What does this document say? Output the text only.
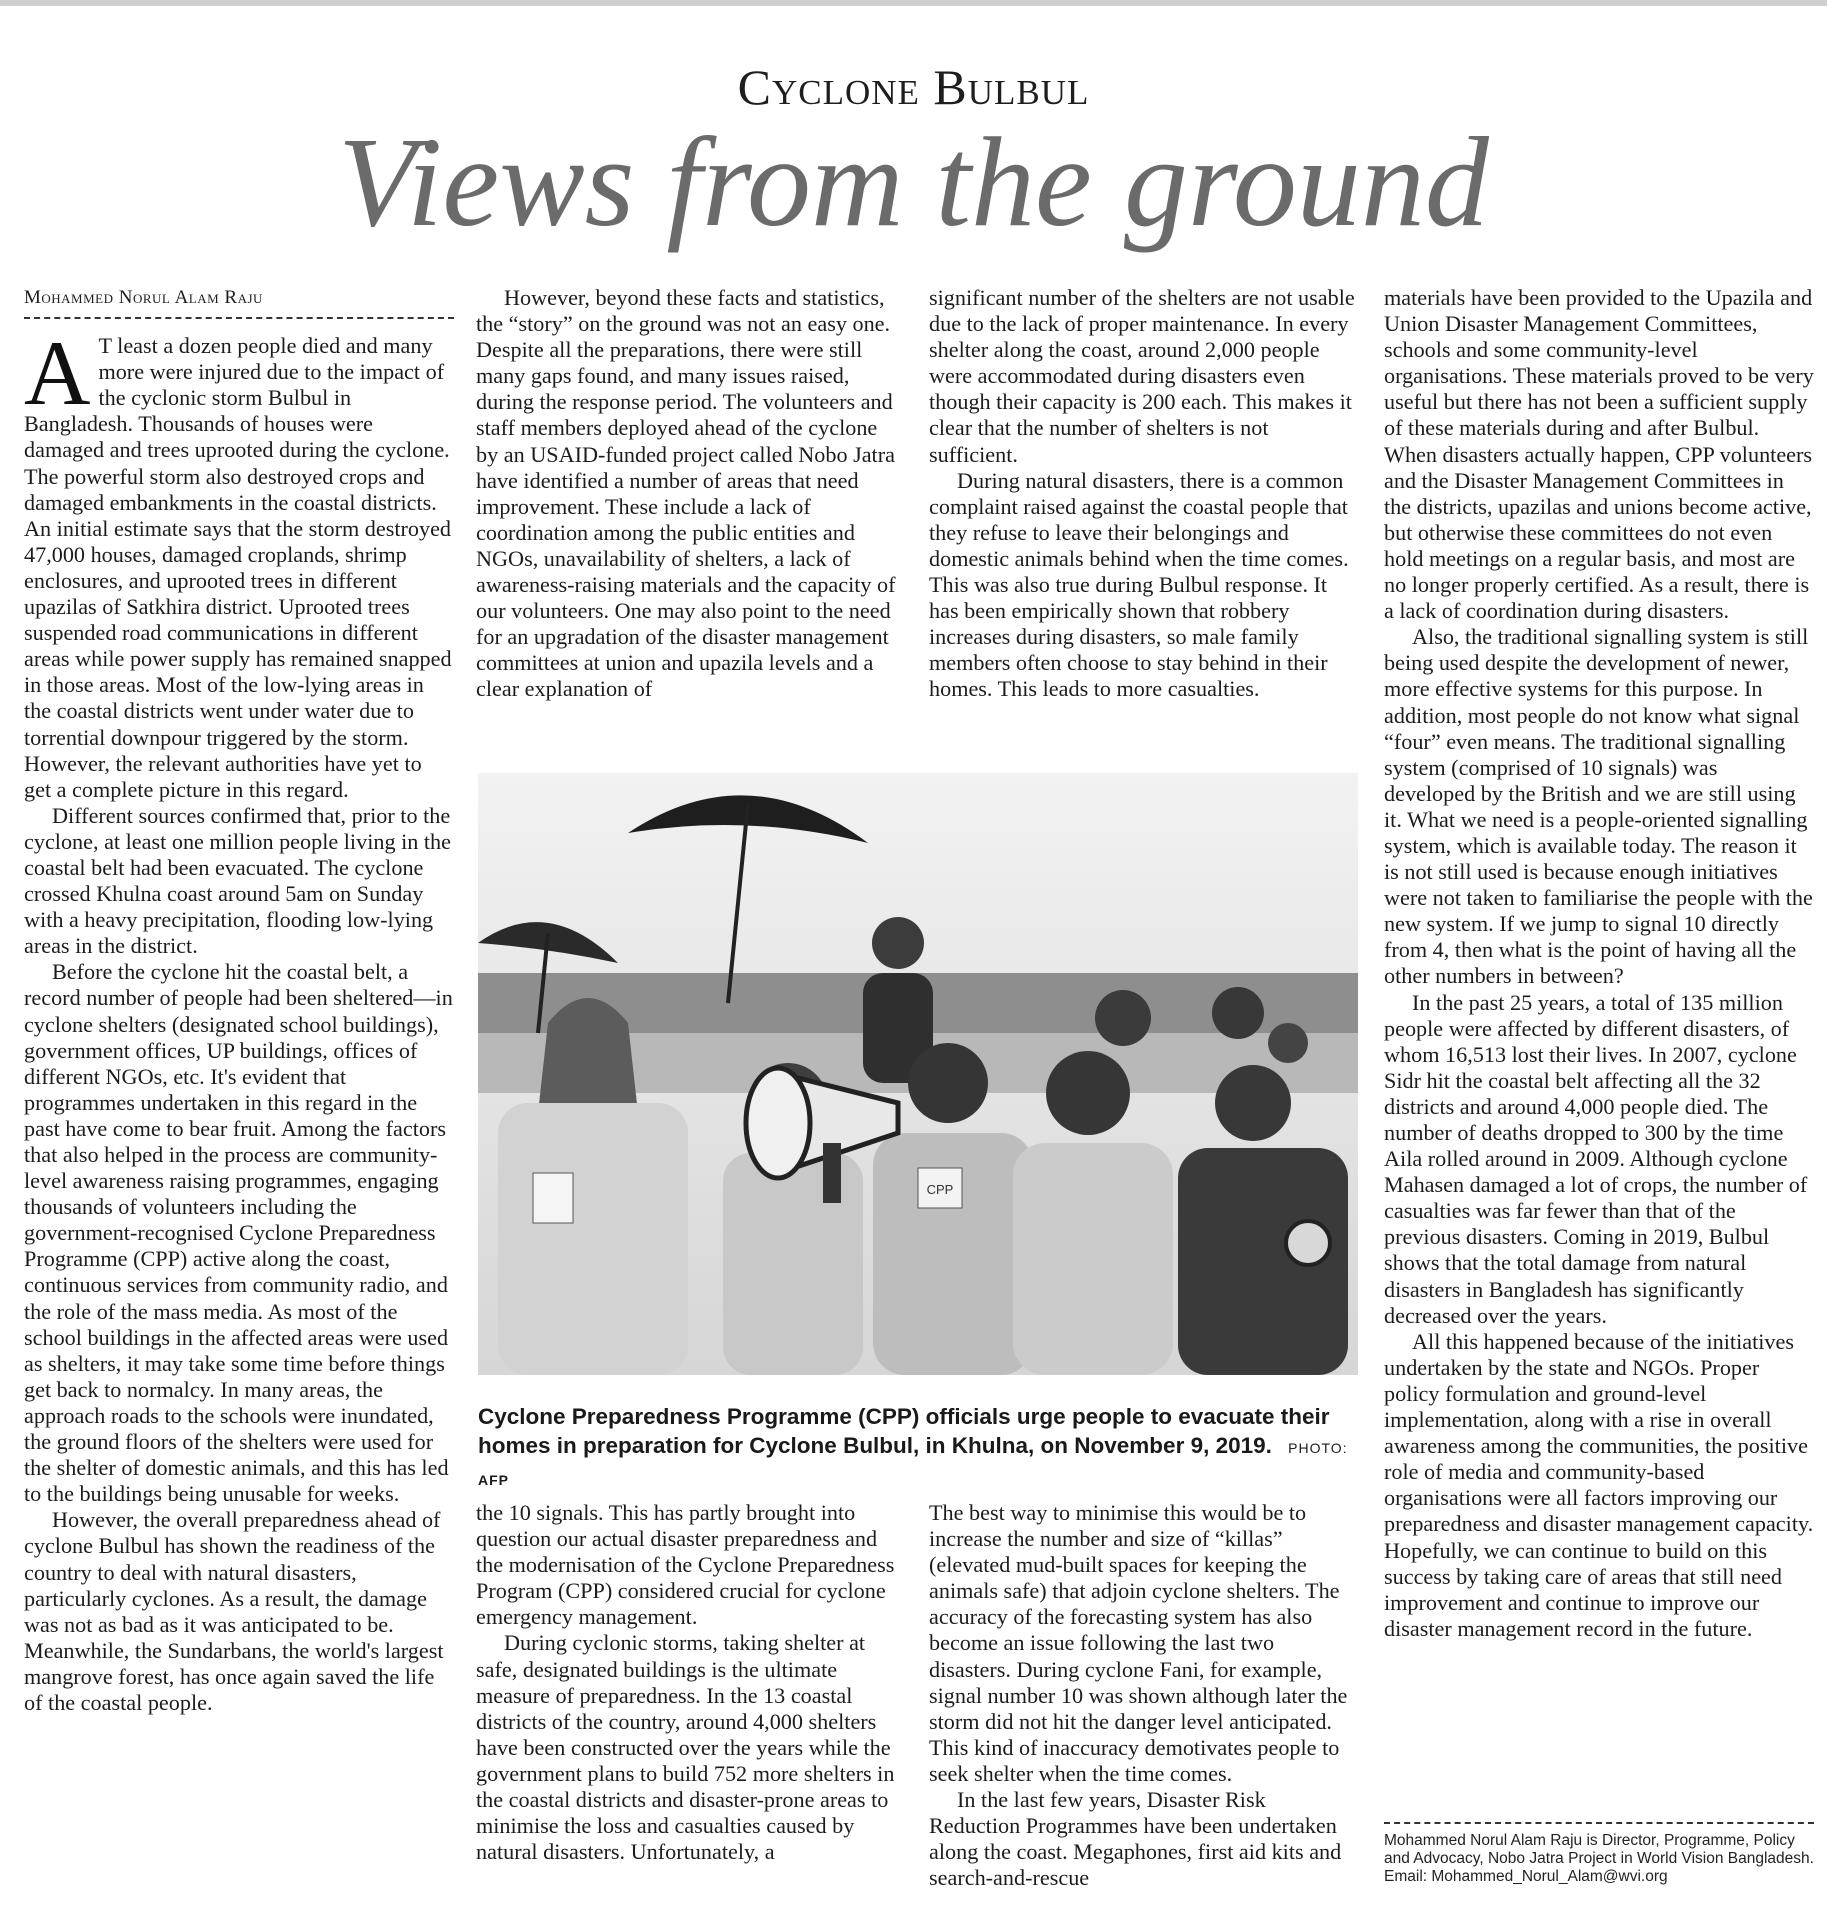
Cyclone Bulbul
Views from the ground
Mohammed Norul Alam Raju

A T least a dozen people died and many more were injured due to the impact of the cyclonic storm Bulbul in Bangladesh. Thousands of houses were damaged and trees uprooted during the cyclone. The powerful storm also destroyed crops and damaged embankments in the coastal districts. An initial estimate says that the storm destroyed 47,000 houses, damaged croplands, shrimp enclosures, and uprooted trees in different upazilas of Satkhira district. Uprooted trees suspended road communications in different areas while power supply has remained snapped in those areas. Most of the low-lying areas in the coastal districts went under water due to torrential downpour triggered by the storm. However, the relevant authorities have yet to get a complete picture in this regard.

Different sources confirmed that, prior to the cyclone, at least one million people living in the coastal belt had been evacuated. The cyclone crossed Khulna coast around 5am on Sunday with a heavy precipitation, flooding low-lying areas in the district.

Before the cyclone hit the coastal belt, a record number of people had been sheltered—in cyclone shelters (designated school buildings), government offices, UP buildings, offices of different NGOs, etc. It's evident that programmes undertaken in this regard in the past have come to bear fruit. Among the factors that also helped in the process are community-level awareness raising programmes, engaging thousands of volunteers including the government-recognised Cyclone Preparedness Programme (CPP) active along the coast, continuous services from community radio, and the role of the mass media. As most of the school buildings in the affected areas were used as shelters, it may take some time before things get back to normalcy. In many areas, the approach roads to the schools were inundated, the ground floors of the shelters were used for the shelter of domestic animals, and this has led to the buildings being unusable for weeks.

However, the overall preparedness ahead of cyclone Bulbul has shown the readiness of the country to deal with natural disasters, particularly cyclones. As a result, the damage was not as bad as it was anticipated to be. Meanwhile, the Sundarbans, the world's largest mangrove forest, has once again saved the life of the coastal people.

However, beyond these facts and statistics, the “story” on the ground was not an easy one. Despite all the preparations, there were still many gaps found, and many issues raised, during the response period. The volunteers and staff members deployed ahead of the cyclone by an USAID-funded project called Nobo Jatra have identified a number of areas that need improvement. These include a lack of coordination among the public entities and NGOs, unavailability of shelters, a lack of awareness-raising materials and the capacity of our volunteers. One may also point to the need for an upgradation of the disaster management committees at union and upazila levels and a clear explanation of

significant number of the shelters are not usable due to the lack of proper maintenance. In every shelter along the coast, around 2,000 people were accommodated during disasters even though their capacity is 200 each. This makes it clear that the number of shelters is not sufficient.

During natural disasters, there is a common complaint raised against the coastal people that they refuse to leave their belongings and domestic animals behind when the time comes. This was also true during Bulbul response. It has been empirically shown that robbery increases during disasters, so male family members often choose to stay behind in their homes. This leads to more casualties.

CPP
Cyclone Preparedness Programme (CPP) officials urge people to evacuate their homes in preparation for Cyclone Bulbul, in Khulna, on November 9, 2019. PHOTO: AFP

the 10 signals. This has partly brought into question our actual disaster preparedness and the modernisation of the Cyclone Preparedness Program (CPP) considered crucial for cyclone emergency management.

During cyclonic storms, taking shelter at safe, designated buildings is the ultimate measure of preparedness. In the 13 coastal districts of the country, around 4,000 shelters have been constructed over the years while the government plans to build 752 more shelters in the coastal districts and disaster-prone areas to minimise the loss and casualties caused by natural disasters. Unfortunately, a

The best way to minimise this would be to increase the number and size of “killas” (elevated mud-built spaces for keeping the animals safe) that adjoin cyclone shelters. The accuracy of the forecasting system has also become an issue following the last two disasters. During cyclone Fani, for example, signal number 10 was shown although later the storm did not hit the danger level anticipated. This kind of inaccuracy demotivates people to seek shelter when the time comes.

In the last few years, Disaster Risk Reduction Programmes have been undertaken along the coast. Megaphones, first aid kits and search-and-rescue

materials have been provided to the Upazila and Union Disaster Management Committees, schools and some community-level organisations. These materials proved to be very useful but there has not been a sufficient supply of these materials during and after Bulbul. When disasters actually happen, CPP volunteers and the Disaster Management Committees in the districts, upazilas and unions become active, but otherwise these committees do not even hold meetings on a regular basis, and most are no longer properly certified. As a result, there is a lack of coordination during disasters.

Also, the traditional signalling system is still being used despite the development of newer, more effective systems for this purpose. In addition, most people do not know what signal “four” even means. The traditional signalling system (comprised of 10 signals) was developed by the British and we are still using it. What we need is a people-oriented signalling system, which is available today. The reason it is not still used is because enough initiatives were not taken to familiarise the people with the new system. If we jump to signal 10 directly from 4, then what is the point of having all the other numbers in between?

In the past 25 years, a total of 135 million people were affected by different disasters, of whom 16,513 lost their lives. In 2007, cyclone Sidr hit the coastal belt affecting all the 32 districts and around 4,000 people died. The number of deaths dropped to 300 by the time Aila rolled around in 2009. Although cyclone Mahasen damaged a lot of crops, the number of casualties was far fewer than that of the previous disasters. Coming in 2019, Bulbul shows that the total damage from natural disasters in Bangladesh has significantly decreased over the years.

All this happened because of the initiatives undertaken by the state and NGOs. Proper policy formulation and ground-level implementation, along with a rise in overall awareness among the communities, the positive role of media and community-based organisations were all factors improving our preparedness and disaster management capacity. Hopefully, we can continue to build on this success by taking care of areas that still need improvement and continue to improve our disaster management record in the future.

Mohammed Norul Alam Raju is Director, Programme, Policy and Advocacy, Nobo Jatra Project in World Vision Bangladesh.
Email: Mohammed_Norul_Alam@wvi.org
